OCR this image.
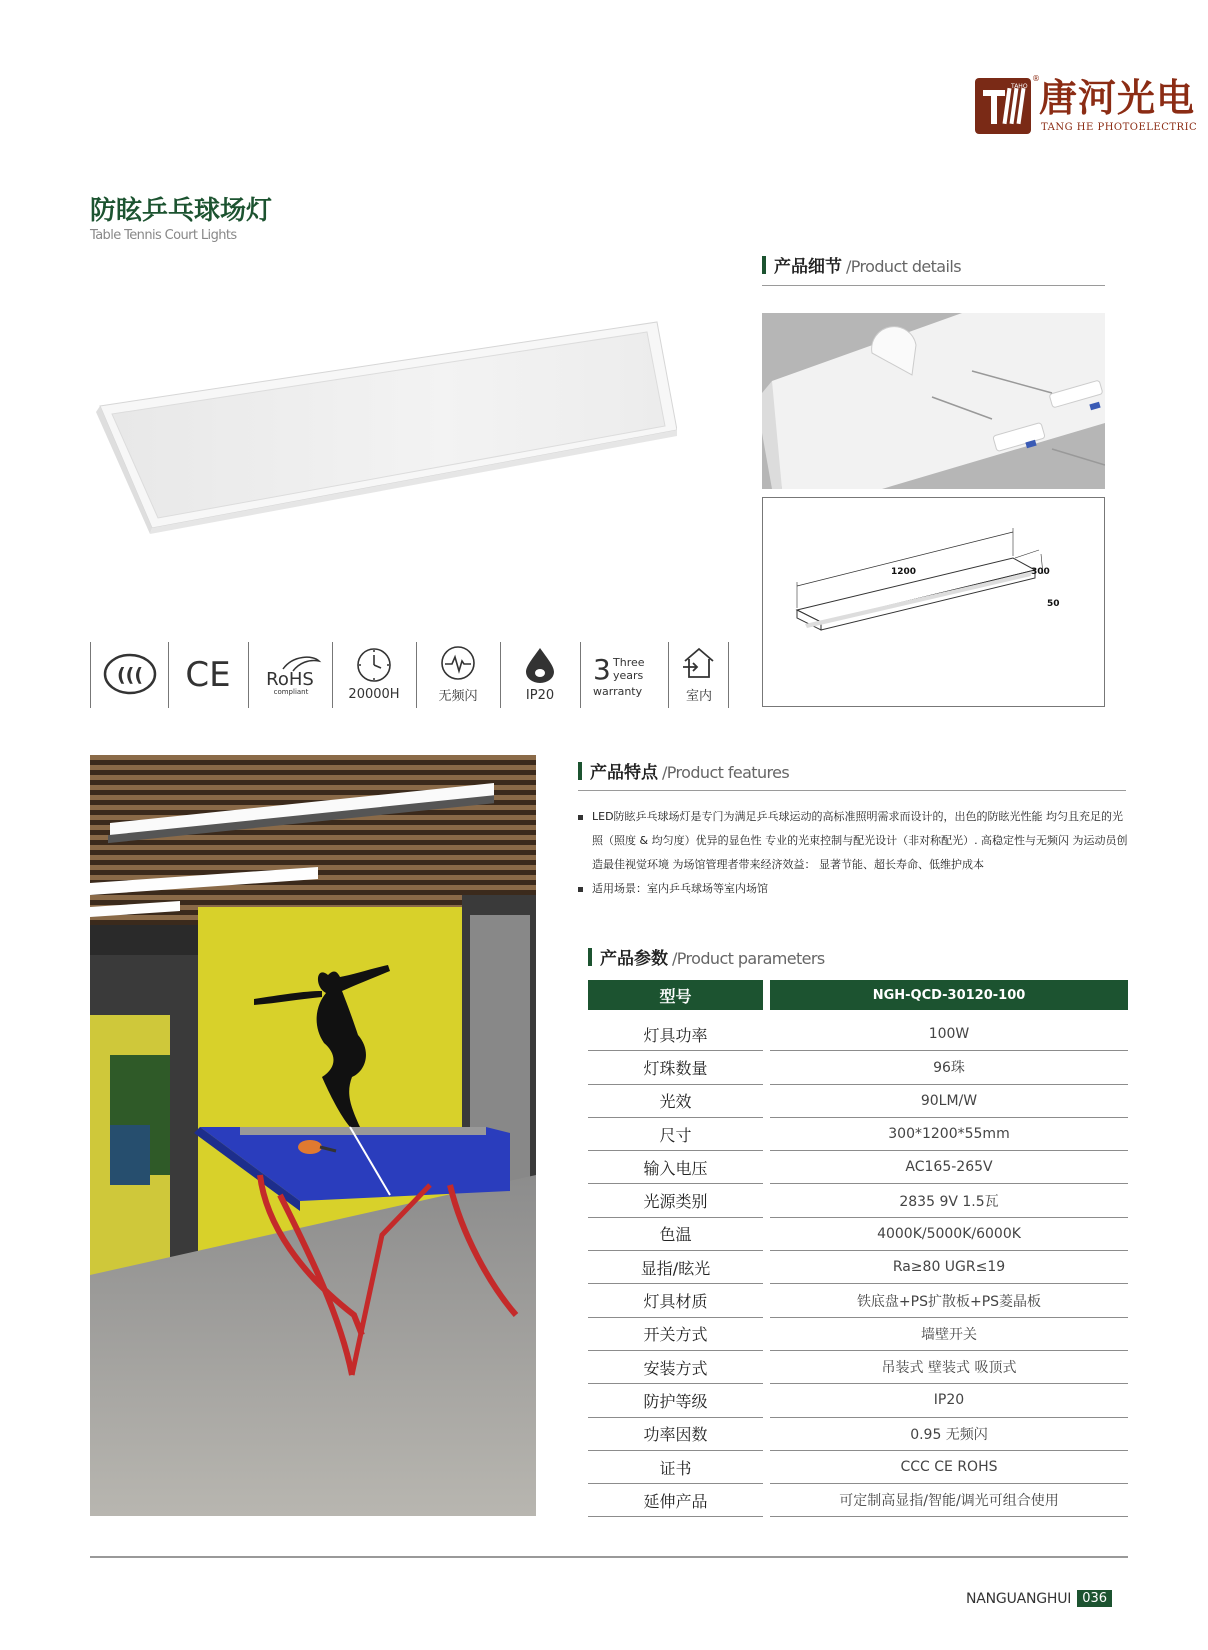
TAHO
® 唐河光电
TANG HE PHOTOELECTRIC
防眩乒乓球场灯
Table Tennis Court Lights
产品细节 /Product details
1200	300
50
((( CE RoHS
compliant	20000H	无频闪	IP20
3 Three
years
warranty	室内
产品特点 /Product features
LED防眩乒乓球场灯是专门为满足乒乓球运动的高标准照明需求而设计的，出色的防眩光性能 均匀且充足的光照（照度 & 均匀度）优异的显色性 专业的光束控制与配光设计（非对称配光）. 高稳定性与无频闪 为运动员创造最佳视觉环境 为场馆管理者带来经济效益： 显著节能、超长寿命、低维护成本
适用场景：室内乒乓球场等室内场馆
产品参数 /Product parameters
型号	NGH-QCD-30120-100
灯具功率	100W
灯珠数量	96珠
光效	90LM/W
尺寸	300*1200*55mm
输入电压	AC165-265V
光源类别	2835 9V 1.5瓦
色温	4000K/5000K/6000K
显指/眩光	Ra≥80 UGR≤19
灯具材质	铁底盘+PS扩散板+PS菱晶板
开关方式	墙壁开关
安装方式	吊装式 壁装式 吸顶式
防护等级	IP20
功率因数	0.95 无频闪
证书	CCC CE ROHS
延伸产品	可定制高显指/智能/调光可组合使用
NANGUANGHUI 036
